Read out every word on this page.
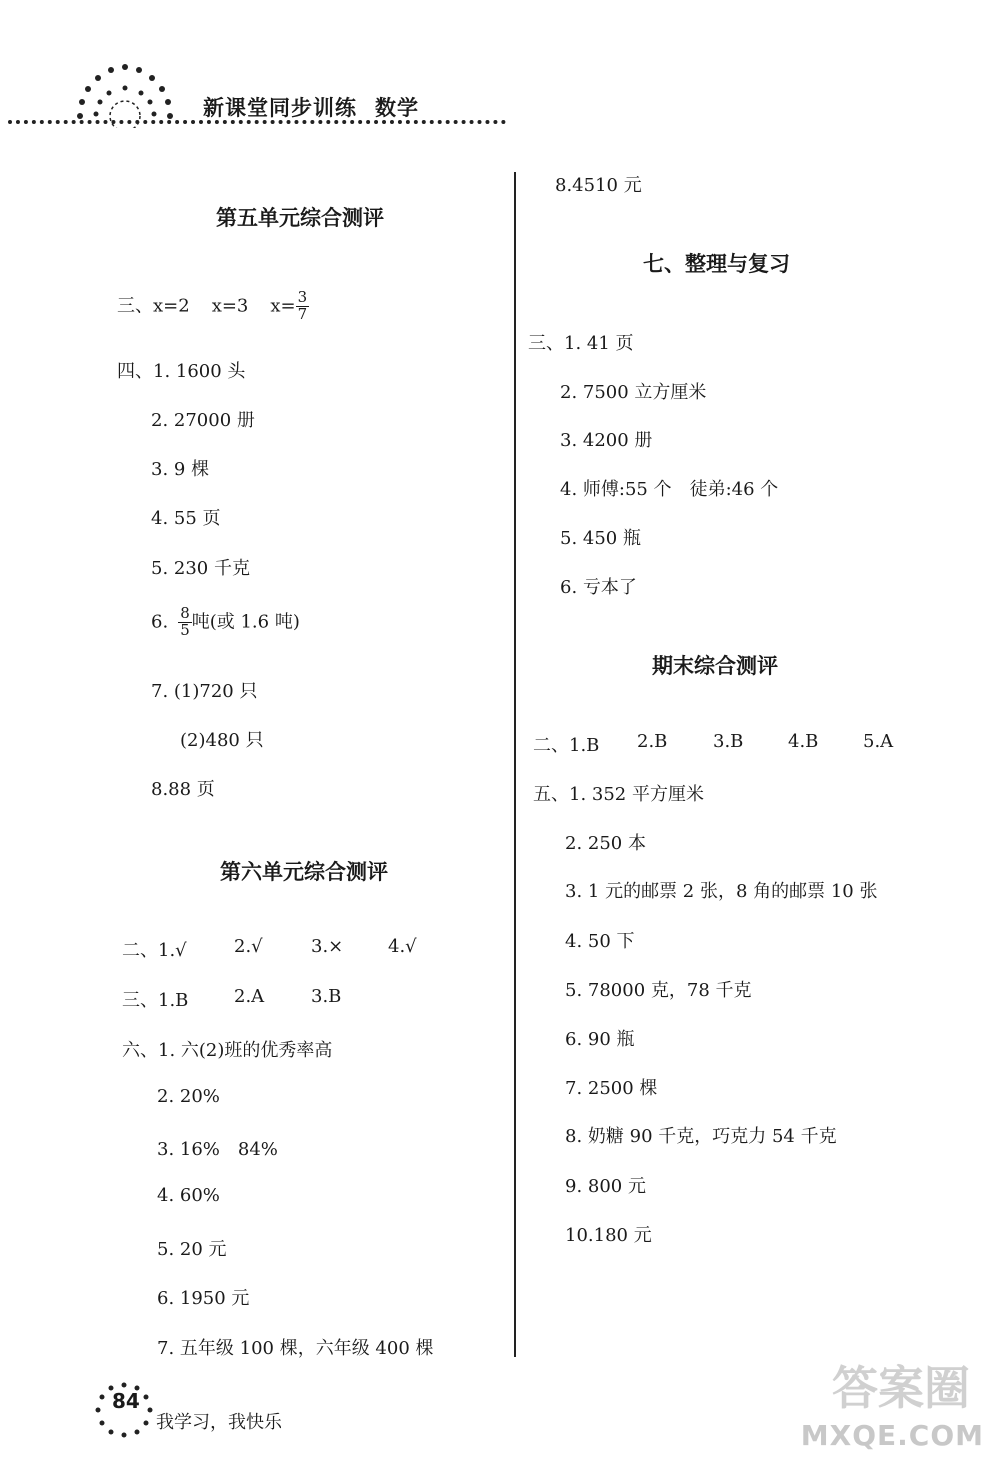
新课堂同步训练 数学
第五单元综合测评
三、x=2 x=3 $x= \frac{3}{7}$
四、1. 1600 头
2. 27000 册
3. 9 棵
4. 55 页
5. 230 千克
6. $\frac{8}{5}$ 吨(或 1.6 吨)
7. (1)720 只
(2)480 只
8.88 页
第六单元综合测评
二、1.√	2.√	3.× 4.√
三、1.B	2.A	3.B
六、1. 六(2)班的优秀率高
2. 20%
3. 16%　84%
4. 60%
5. 20 元
6. 1950 元
7. 五年级 100 棵，六年级 400 棵
8.4510 元
七、整理与复习
三、1. 41 页
2. 7500 立方厘米
3. 4200 册
4. 师傅:55 个　徒弟:46 个
5. 450 瓶
6. 亏本了
期末综合测评
二、1.B 2.B	3.B 4.B 5.A
五、1. 352 平方厘米
2. 250 本
3. 1 元的邮票 2 张，8 角的邮票 10 张
4. 50 下
5. 78000 克，78 千克
6. 90 瓶
7. 2500 棵
8. 奶糖 90 千克，巧克力 54 千克
9. 800 元
10.180 元
84
我学习，我快乐
答案圈
MXQE.COM
